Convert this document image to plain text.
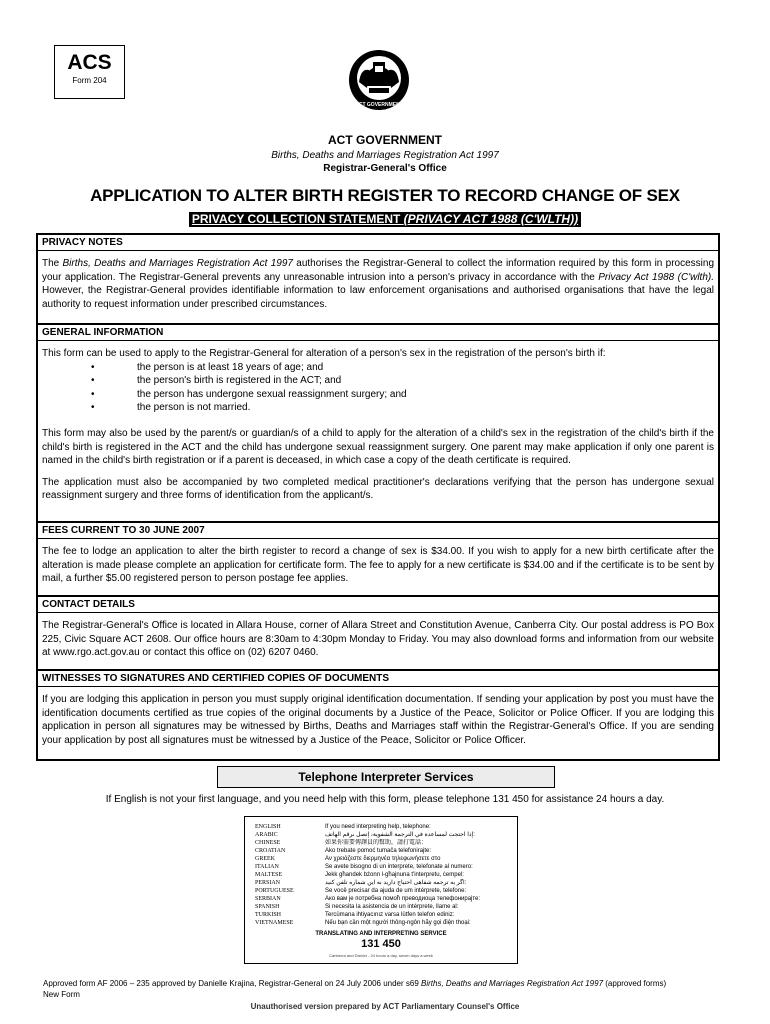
ACS
Form 204
ACT GOVERNMENT
ACT GOVERNMENT
Births, Deaths and Marriages Registration Act 1997
Registrar-General's Office
APPLICATION TO ALTER BIRTH REGISTER TO RECORD CHANGE OF SEX
PRIVACY COLLECTION STATEMENT (PRIVACY ACT 1988 (C'WLTH))
PRIVACY NOTES

The Births, Deaths and Marriages Registration Act 1997 authorises the Registrar-General to collect the information required by this form in processing your application. The Registrar-General prevents any unreasonable intrusion into a person's privacy in accordance with the Privacy Act 1988 (C'wlth). However, the Registrar-General provides identifiable information to law enforcement organisations and authorised organisations that have the legal authority to request information under prescribed circumstances.

GENERAL INFORMATION

This form can be used to apply to the Registrar-General for alteration of a person's sex in the registration of the person's birth if:

• the person is at least 18 years of age; and
• the person's birth is registered in the ACT; and
• the person has undergone sexual reassignment surgery; and
• the person is not married.

This form may also be used by the parent/s or guardian/s of a child to apply for the alteration of a child's sex in the registration of the child's birth if the child's birth is registered in the ACT and the child has undergone sexual reassignment surgery. One parent may make application if only one parent is named in the child's birth registration or if a parent is deceased, in which case a copy of the death certificate is required.

The application must also be accompanied by two completed medical practitioner's declarations verifying that the person has undergone sexual reassignment surgery and three forms of identification from the applicant/s.

FEES CURRENT TO 30 JUNE 2007

The fee to lodge an application to alter the birth register to record a change of sex is $34.00. If you wish to apply for a new birth certificate after the alteration is made please complete an application for certificate form. The fee to apply for a new certificate is $34.00 and if the certificate is to be sent by mail, a further $5.00 registered person to person postage fee applies.

CONTACT DETAILS

The Registrar-General's Office is located in Allara House, corner of Allara Street and Constitution Avenue, Canberra City. Our postal address is PO Box 225, Civic Square ACT 2608. Our office hours are 8:30am to 4:30pm Monday to Friday. You may also download forms and information from our website at www.rgo.act.gov.au or contact this office on (02) 6207 0460.

WITNESSES TO SIGNATURES AND CERTIFIED COPIES OF DOCUMENTS

If you are lodging this application in person you must supply original identification documentation. If sending your application by post you must have the identification documents certified as true copies of the original documents by a Justice of the Peace, Solicitor or Police Officer. If you are lodging this application in person all signatures may be witnessed by Births, Deaths and Marriages staff within the Registrar-General's Office. If you are sending your application by post all signatures must be witnessed by a Justice of the Peace, Solicitor or Police Officer.

Telephone Interpreter Services
If English is not your first language, and you need help with this form, please telephone 131 450 for assistance 24 hours a day.
ENGLISH	If you need interpreting help, telephone:
ARABIC	إذا احتجت لمساعدة في الترجمة الشفوية، إتصل برقم الهاتف:
CHINESE	如果你需要傳譯員的幫助，請打電話：
CROATIAN	Ako trebate pomoć tumača telefonirajte:
GREEK	Αν χρειάζεστε διερμηνέα τηλεφωνήσετε στο
ITALIAN	Se avete bisogno di un interprete, telefonate al numero:
MALTESE	Jekk għandek bżonn l-għajnuna t'interpretu, ċempel:
PERSIAN	اگر به ترجمه شفاهی احتیاج دارید به این شماره تلفن کنید:
PORTUGUESE	Se você precisar da ajuda de um intérprete, telefone:
SERBIAN	Ако вам је потребна помоћ преводиоца телефонирајте:
SPANISH	Si necesita la asistencia de un intérprete, llame al:
TURKISH	Tercümana ihtiyacınız varsa lütfen telefon ediniz:
VIETNAMESE	Nếu bạn cần một người thông-ngôn hãy gọi điện thoại:
TRANSLATING AND INTERPRETING SERVICE
131 450
Canberra and District - 24 hours a day, seven days a week
Approved form AF 2006 – 235 approved by Danielle Krajina, Registrar-General on 24 July 2006 under s69 Births, Deaths and Marriages Registration Act 1997 (approved forms)
New Form
Unauthorised version prepared by ACT Parliamentary Counsel's Office
